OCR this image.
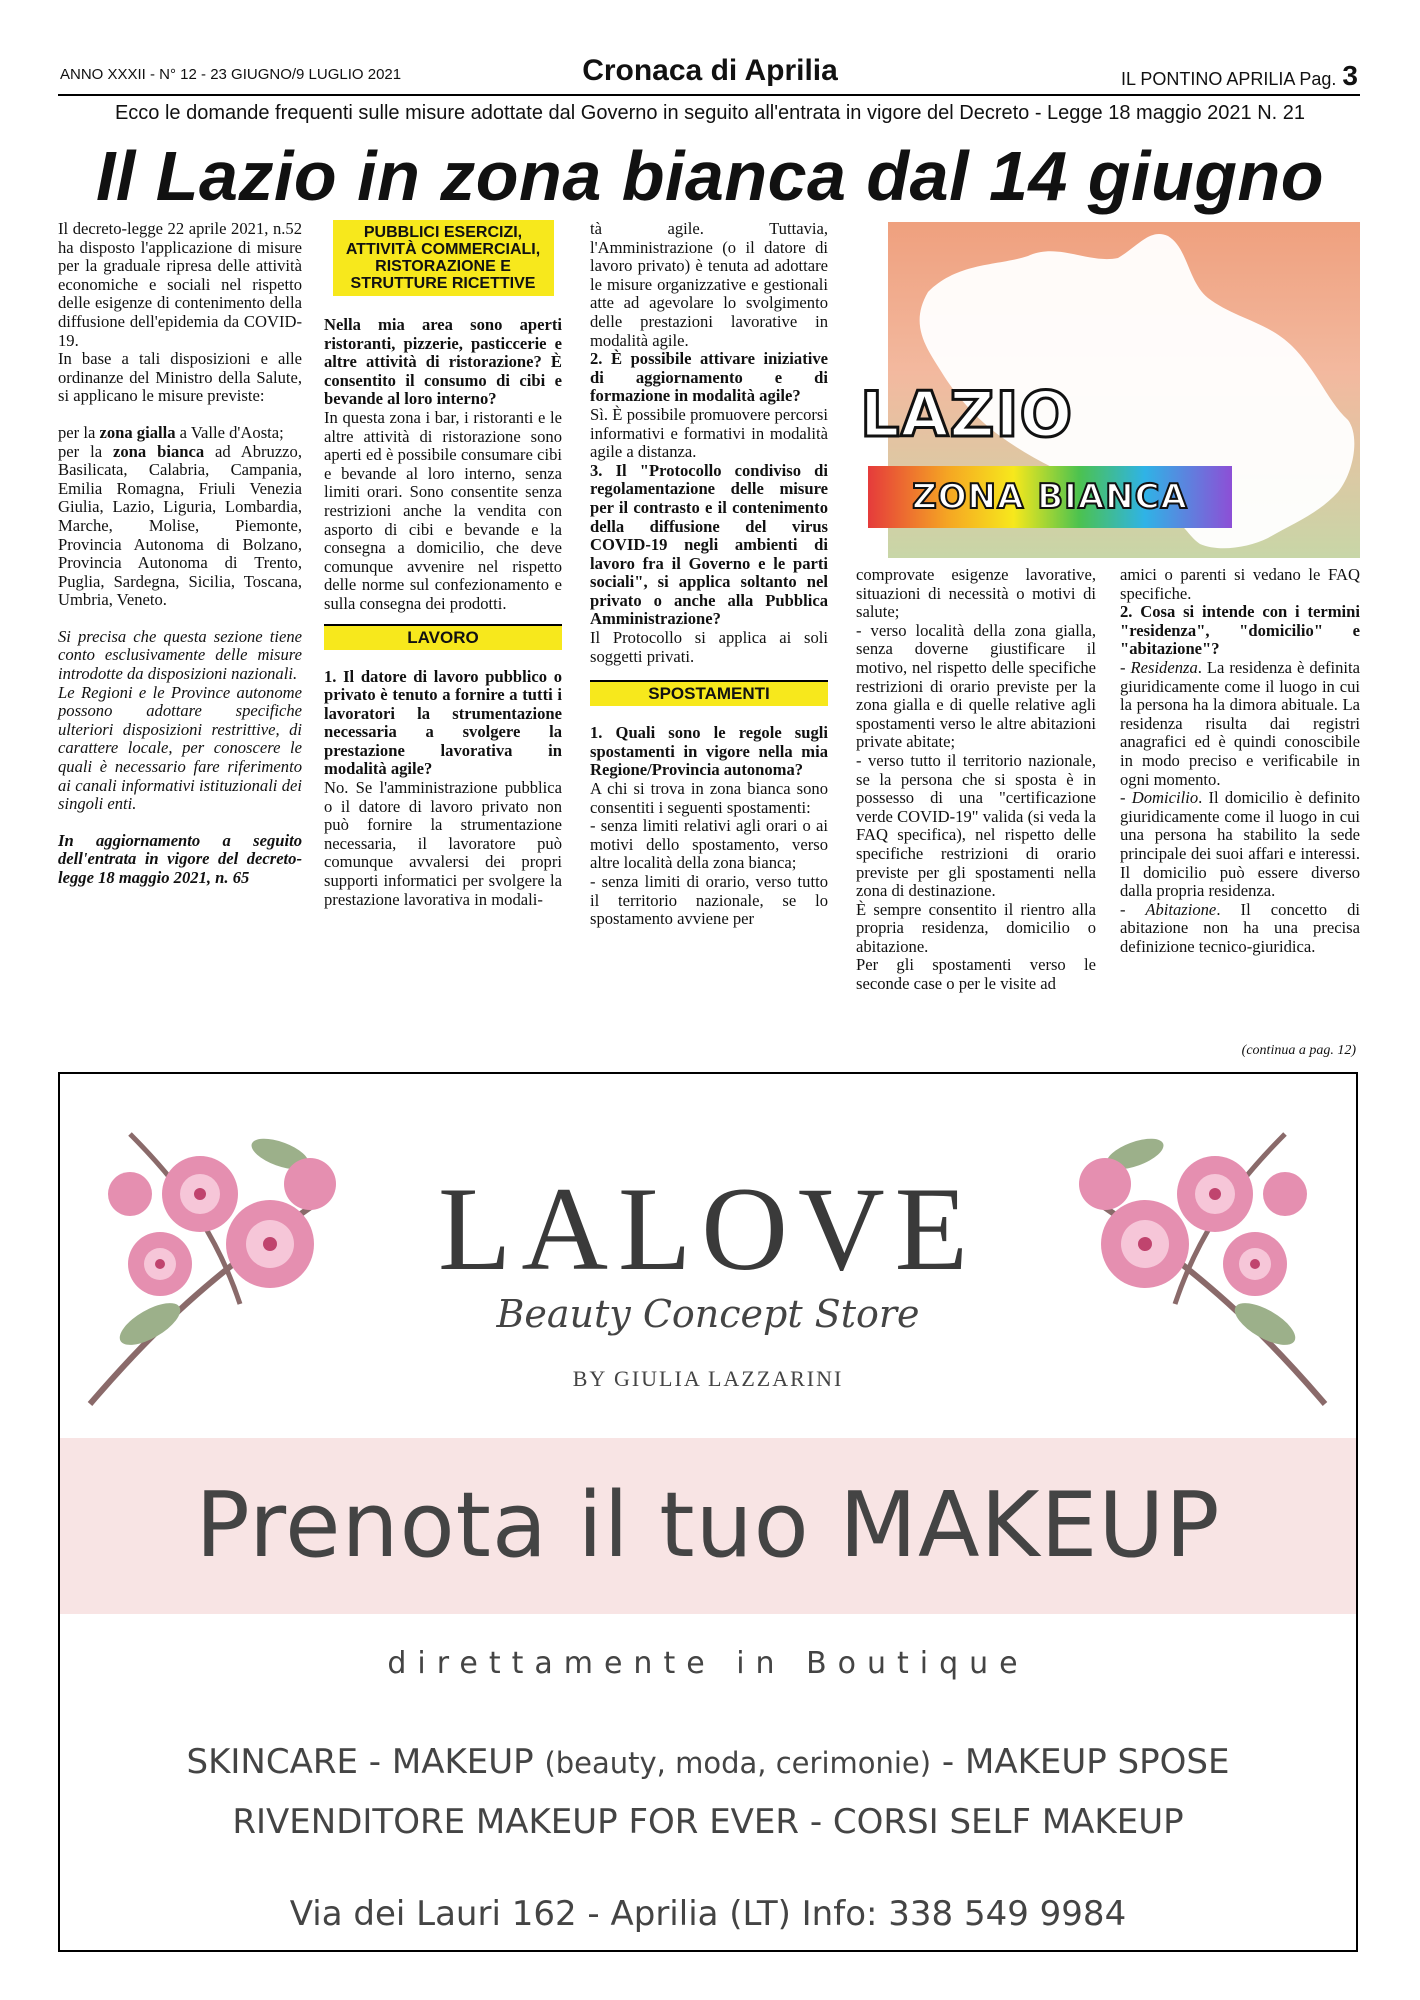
ANNO XXXII - N° 12 - 23 GIUGNO/9 LUGLIO 2021	Cronaca di Aprilia	IL PONTINO APRILIA Pag. 3
Ecco le domande frequenti sulle misure adottate dal Governo in seguito all'entrata in vigore del Decreto - Legge 18 maggio 2021 N. 21
Il Lazio in zona bianca dal 14 giugno

Il decreto-legge 22 aprile 2021, n.52 ha disposto l'applicazione di misure per la graduale ripresa delle attività economiche e sociali nel rispetto delle esigenze di contenimento della diffusione dell'epidemia da COVID-19.

In base a tali disposizioni e alle ordinanze del Ministro della Salute, si applicano le misure previste:

per la zona gialla a Valle d'Aosta;

per la zona bianca ad Abruzzo, Basilicata, Calabria, Campania, Emilia Romagna, Friuli Venezia Giulia, Lazio, Liguria, Lombardia, Marche, Molise, Piemonte, Provincia Autonoma di Bolzano, Provincia Autonoma di Trento, Puglia, Sardegna, Sicilia, Toscana, Umbria, Veneto.

Si precisa che questa sezione tiene conto esclusivamente delle misure introdotte da disposizioni nazionali.

Le Regioni e le Province autonome possono adottare specifiche ulteriori disposizioni restrittive, di carattere locale, per conoscere le quali è necessario fare riferimento ai canali informativi istituzionali dei singoli enti.

In aggiornamento a seguito dell'entrata in vigore del decreto-legge 18 maggio 2021, n. 65

PUBBLICI ESERCIZI, ATTIVITÀ COMMERCIALI, RISTORAZIONE E STRUTTURE RICETTIVE

Nella mia area sono aperti ristoranti, pizzerie, pasticcerie e altre attività di ristorazione? È consentito il consumo di cibi e bevande al loro interno?

In questa zona i bar, i ristoranti e le altre attività di ristorazione sono aperti ed è possibile consumare cibi e bevande al loro interno, senza limiti orari. Sono consentite senza restrizioni anche la vendita con asporto di cibi e bevande e la consegna a domicilio, che deve comunque avvenire nel rispetto delle norme sul confezionamento e sulla consegna dei prodotti.

LAVORO

1. Il datore di lavoro pubblico o privato è tenuto a fornire a tutti i lavoratori la strumentazione necessaria a svolgere la prestazione lavorativa in modalità agile?

No. Se l'amministrazione pubblica o il datore di lavoro privato non può fornire la strumentazione necessaria, il lavoratore può comunque avvalersi dei propri supporti informatici per svolgere la prestazione lavorativa in modali-

tà agile. Tuttavia, l'Amministrazione (o il datore di lavoro privato) è tenuta ad adottare le misure organizzative e gestionali atte ad agevolare lo svolgimento delle prestazioni lavorative in modalità agile.

2. È possibile attivare iniziative di aggiornamento e di formazione in modalità agile?

Sì. È possibile promuovere percorsi informativi e formativi in modalità agile a distanza.

3. Il "Protocollo condiviso di regolamentazione delle misure per il contrasto e il contenimento della diffusione del virus COVID-19 negli ambienti di lavoro fra il Governo e le parti sociali", si applica soltanto nel privato o anche alla Pubblica Amministrazione?

Il Protocollo si applica ai soli soggetti privati.

SPOSTAMENTI

1. Quali sono le regole sugli spostamenti in vigore nella mia Regione/Provincia autonoma?

A chi si trova in zona bianca sono consentiti i seguenti spostamenti:

- senza limiti relativi agli orari o ai motivi dello spostamento, verso altre località della zona bianca;

- senza limiti di orario, verso tutto il territorio nazionale, se lo spostamento avviene per

LAZIO
ZONA BIANCA

comprovate esigenze lavorative, situazioni di necessità o motivi di salute;

- verso località della zona gialla, senza doverne giustificare il motivo, nel rispetto delle specifiche restrizioni di orario previste per la zona gialla e di quelle relative agli spostamenti verso le altre abitazioni private abitate;

- verso tutto il territorio nazionale, se la persona che si sposta è in possesso di una "certificazione verde COVID-19" valida (si veda la FAQ specifica), nel rispetto delle specifiche restrizioni di orario previste per gli spostamenti nella zona di destinazione.

È sempre consentito il rientro alla propria residenza, domicilio o abitazione.

Per gli spostamenti verso le seconde case o per le visite ad

amici o parenti si vedano le FAQ specifiche.

2. Cosa si intende con i termini "residenza", "domicilio" e "abitazione"?

- Residenza. La residenza è definita giuridicamente come il luogo in cui la persona ha la dimora abituale. La residenza risulta dai registri anagrafici ed è quindi conoscibile in modo preciso e verificabile in ogni momento.

- Domicilio. Il domicilio è definito giuridicamente come il luogo in cui una persona ha stabilito la sede principale dei suoi affari e interessi. Il domicilio può essere diverso dalla propria residenza.

- Abitazione. Il concetto di abitazione non ha una precisa definizione tecnico-giuridica.

(continua a pag. 12)
LALOVE
Beauty Concept Store
BY GIULIA LAZZARINI
Prenota il tuo MAKEUP
direttamente in Boutique
SKINCARE - MAKEUP (beauty, moda, cerimonie) - MAKEUP SPOSE
RIVENDITORE MAKEUP FOR EVER - CORSI SELF MAKEUP
Via dei Lauri 162 - Aprilia (LT) Info: 338 549 9984
